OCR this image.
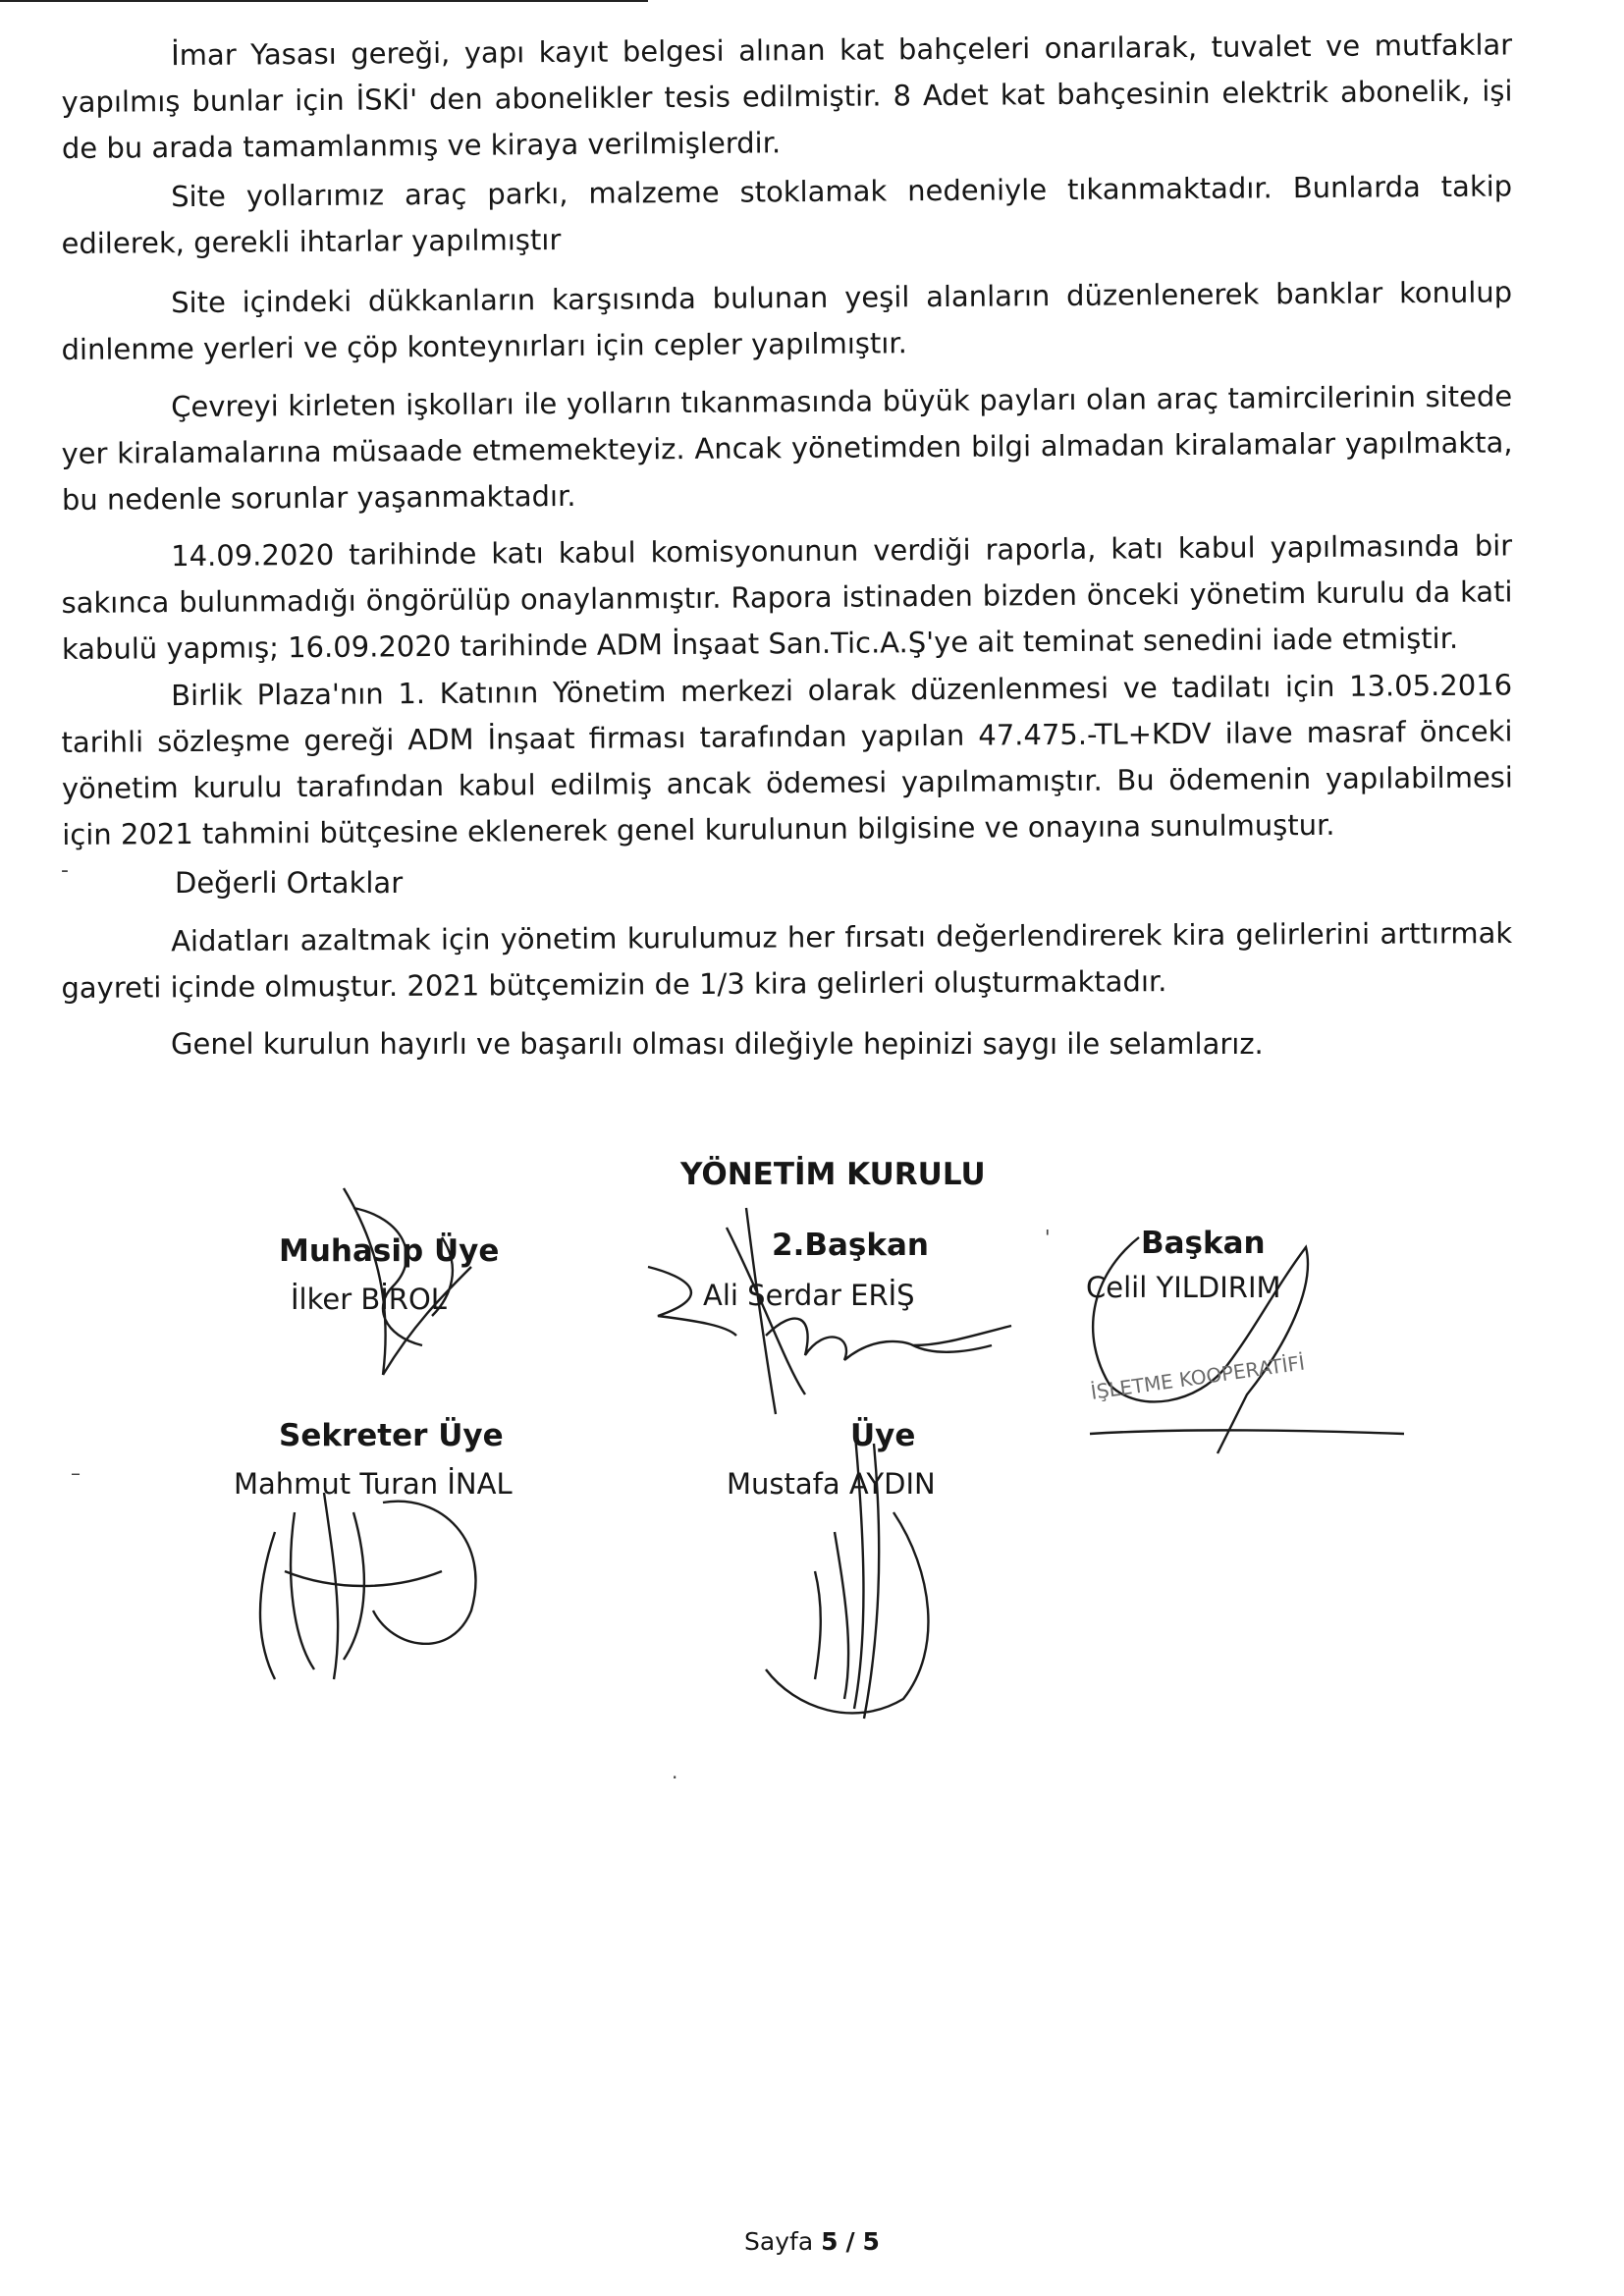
İmar Yasası gereği, yapı kayıt belgesi alınan kat bahçeleri onarılarak, tuvalet ve mutfaklar yapılmış bunlar için İSKİ' den abonelikler tesis edilmiştir. 8 Adet kat bahçesinin elektrik abonelik, işi de bu arada tamamlanmış ve kiraya verilmişlerdir.

Site yollarımız araç parkı, malzeme stoklamak nedeniyle tıkanmaktadır. Bunlarda takip edilerek, gerekli ihtarlar yapılmıştır

Site içindeki dükkanların karşısında bulunan yeşil alanların düzenlenerek banklar konulup dinlenme yerleri ve çöp konteynırları için cepler yapılmıştır.

Çevreyi kirleten işkolları ile yolların tıkanmasında büyük payları olan araç tamircilerinin sitede yer kiralamalarına müsaade etmemekteyiz. Ancak yönetimden bilgi almadan kiralamalar yapılmakta, bu nedenle sorunlar yaşanmaktadır.

14.09.2020 tarihinde katı kabul komisyonunun verdiği raporla, katı kabul yapılmasında bir sakınca bulunmadığı öngörülüp onaylanmıştır. Rapora istinaden bizden önceki yönetim kurulu da kati kabulü yapmış; 16.09.2020 tarihinde ADM İnşaat San.Tic.A.Ş'ye ait teminat senedini iade etmiştir.

Birlik Plaza'nın 1. Katının Yönetim merkezi olarak düzenlenmesi ve tadilatı için 13.05.2016 tarihli sözleşme gereği ADM İnşaat firması tarafından yapılan 47.475.-TL+KDV ilave masraf önceki yönetim kurulu tarafından kabul edilmiş ancak ödemesi yapılmamıştır. Bu ödemenin yapılabilmesi için 2021 tahmini bütçesine eklenerek genel kurulunun bilgisine ve onayına sunulmuştur.

-	Değerli Ortaklar

Aidatları azaltmak için yönetim kurulumuz her fırsatı değerlendirerek kira gelirlerini arttırmak gayreti içinde olmuştur. 2021 bütçemizin de 1/3 kira gelirleri oluşturmaktadır.

Genel kurulun hayırlı ve başarılı olması dileğiyle hepinizi saygı ile selamlarız.

YÖNETİM KURULU
Muhasip Üye
İlker BİROL
2.Başkan
Ali Serdar ERİŞ
Başkan
Celil YILDIRIM
Sekreter Üye
Mahmut Turan İNAL
Üye
Mustafa AYDIN
'
–
·
İŞLETME KOOPERATİFİ
Sayfa 5 / 5
